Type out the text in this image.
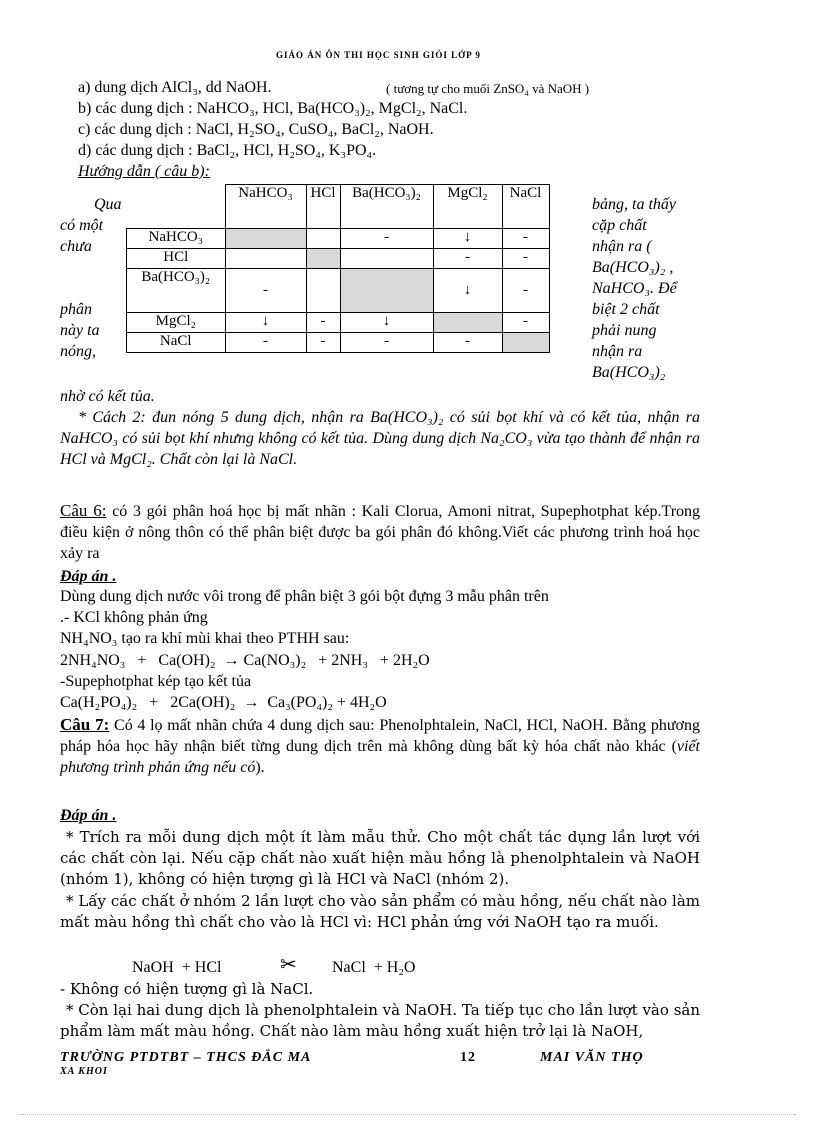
GIÁO ÁN ÔN THI HỌC SINH GIỎI LỚP 9
a) dung dịch AlCl₃, dd NaOH.	( tương tự cho muối ZnSO₄ và NaOH )
b) các dung dịch : NaHCO₃, HCl, Ba(HCO₃)₂, MgCl₂, NaCl.
c) các dung dịch : NaCl, H₂SO₄, CuSO₄, BaCl₂, NaOH.
d) các dung dịch : BaCl₂, HCl, H₂SO₄, K₃PO₄.
Hướng dẫn ( câu b):
Qua
có một
chưa
phân
này ta
nóng,
bảng, ta thấy
cặp chất
nhận ra (
Ba(HCO₃)₂ ,
NaHCO₃. Để
biệt 2 chất
phải nung
nhận ra
Ba(HCO₃)₂
	NaHCO₃	HCl	Ba(HCO₃)₂	MgCl₂	NaCl
NaHCO₃			-	↓	-
HCl				-	-
Ba(HCO₃)₂	-			↓	-
MgCl₂	↓	-	↓		-
NaCl	-	-	-	-	
nhờ có kết tủa.
* Cách 2: đun nóng 5 dung dịch, nhận ra Ba(HCO₃)₂ có sủi bọt khí và có kết tủa, nhận ra NaHCO₃ có sủi bọt khí nhưng không có kết tủa. Dùng dung dịch Na₂CO₃ vừa tạo thành để nhận ra HCl và MgCl₂. Chất còn lại là NaCl.
Câu 6: có 3 gói phân hoá học bị mất nhãn : Kali Clorua, Amoni nitrat, Supephotphat kép.Trong điều kiện ở nông thôn có thể phân biệt được ba gói phân đó không.Viết các phương trình hoá học xảy ra
Đáp án .
Dùng dung dịch nước vôi trong để phân biệt 3 gói bột đựng 3 mẫu phân trên
.- KCl không phản ứng
NH₄NO₃ tạo ra khí mùi khai theo PTHH sau:
2NH₄NO₃   +   Ca(OH)₂  → Ca(NO₃)₂   + 2NH₃   + 2H₂O
-Supephotphat kép tạo kết tủa
Ca(H₂PO₄)₂   +   2Ca(OH)₂  →  Ca₃(PO₄)₂ + 4H₂O
Câu 7: Có 4 lọ mất nhãn chứa 4 dung dịch sau: Phenolphtalein, NaCl, HCl, NaOH. Bằng phương pháp hóa học hãy nhận biết từng dung dịch trên mà không dùng bất kỳ hóa chất nào khác (viết phương trình phản ứng nếu có).
Đáp án .
* Trích ra mỗi dung dịch một ít làm mẫu thử. Cho một chất tác dụng lần lượt với các chất còn lại. Nếu cặp chất nào xuất hiện màu hồng là phenolphtalein và NaOH (nhóm 1), không có hiện tượng gì là HCl và NaCl (nhóm 2).
* Lấy các chất ở nhóm 2 lần lượt cho vào sản phẩm có màu hồng, nếu chất nào làm mất màu hồng thì chất cho vào là HCl vì: HCl phản ứng với NaOH tạo ra muối.
NaOH  + HCl	✂ NaCl  + H₂O
- Không có hiện tượng gì là NaCl.
* Còn lại hai dung dịch là phenolphtalein và NaOH. Ta tiếp tục cho lần lượt vào sản phẩm làm mất màu hồng. Chất nào làm màu hồng xuất hiện trở lại là NaOH,
TRƯỜNG PTDTBT – THCS ĐẮC MA	12	MAI VĂN THỌ
XA KHOI
